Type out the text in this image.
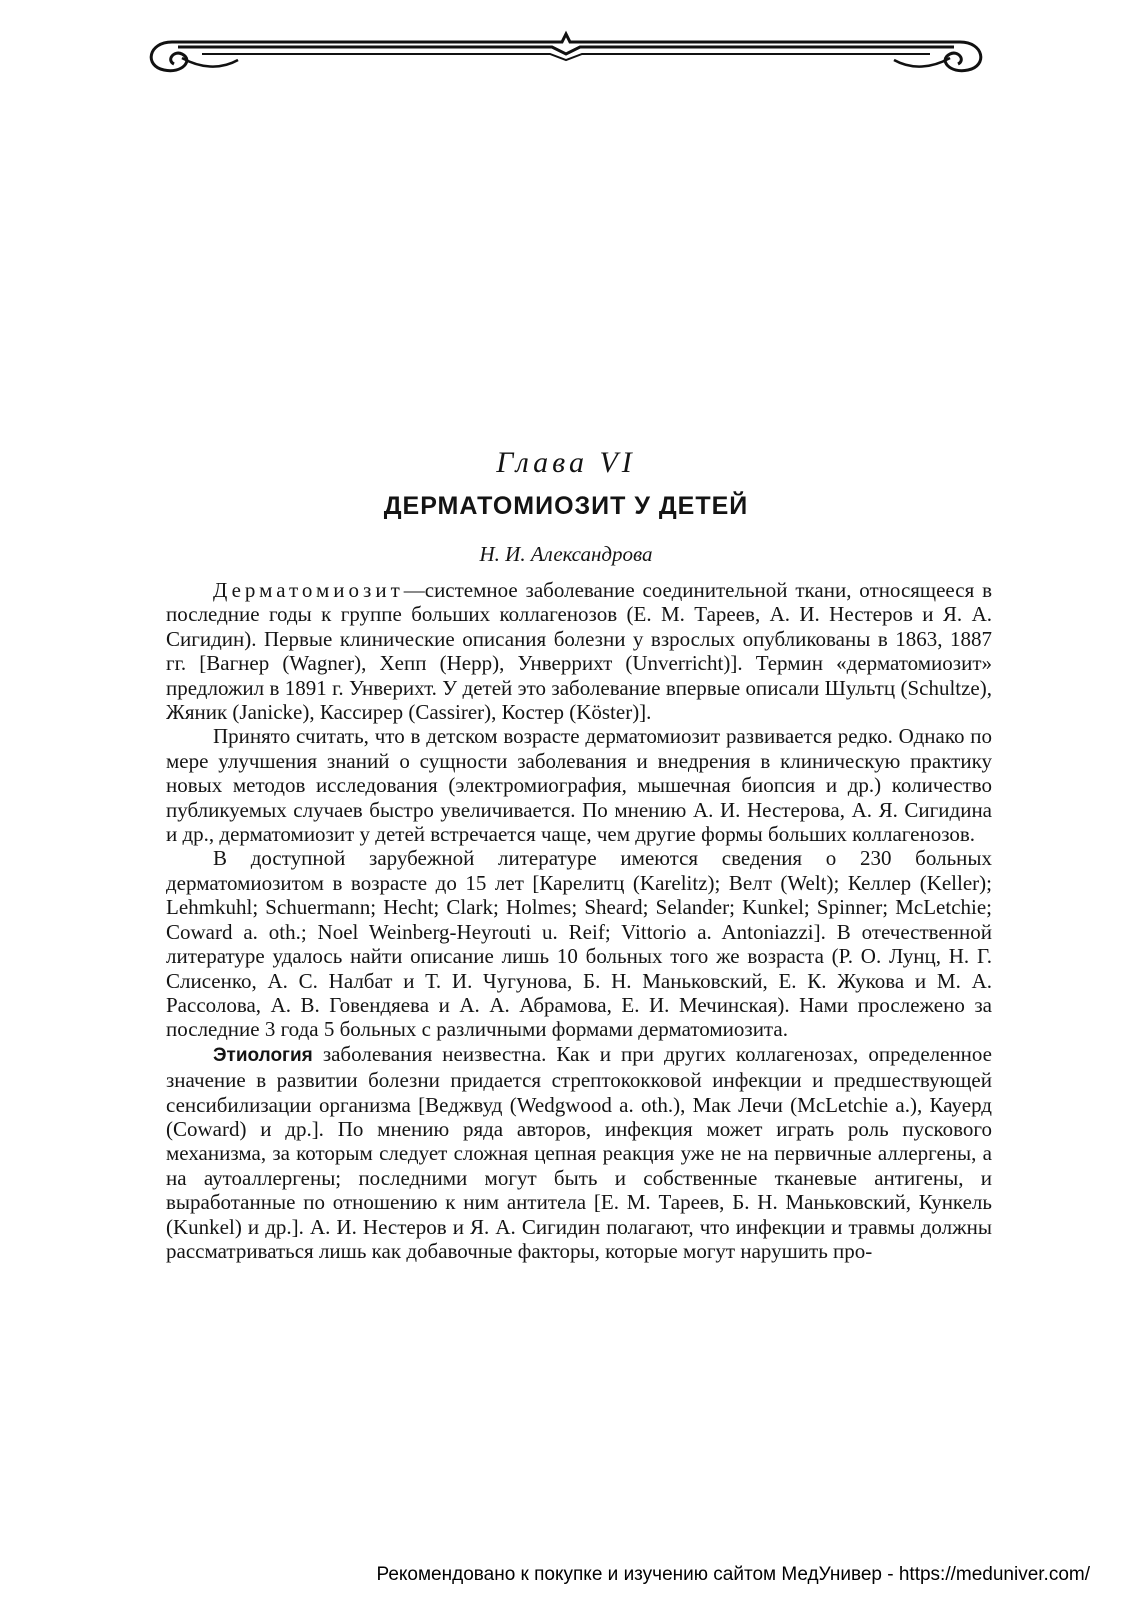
Глава VI
ДЕРМАТОМИОЗИТ У ДЕТЕЙ
Н. И. Александрова

Дерматомиозит—системное заболевание соединительной ткани, относящееся в последние годы к группе больших коллагенозов (Е. М. Тареев, А. И. Нестеров и Я. А. Сигидин). Первые клинические описания болезни у взрослых опубликованы в 1863, 1887 гг. [Вагнер (Wagner), Хепп (Hepp), Унверрихт (Unverricht)]. Термин «дерматомиозит» предложил в 1891 г. Унверихт. У детей это заболевание впервые описали Шультц (Schultze), Жяник (Janicke), Кассирер (Cassirer), Костер (Köster)].

Принято считать, что в детском возрасте дерматомиозит развивается редко. Однако по мере улучшения знаний о сущности заболевания и внедрения в клиническую практику новых методов исследования (электромиография, мышечная биопсия и др.) количество публикуемых случаев быстро увеличивается. По мнению А. И. Нестерова, А. Я. Сигидина и др., дерматомиозит у детей встречается чаще, чем другие формы больших коллагенозов.

В доступной зарубежной литературе имеются сведения о 230 больных дерматомиозитом в возрасте до 15 лет [Карелитц (Karelitz); Велт (Welt); Келлер (Keller); Lehmkuhl; Schuermann; Hecht; Clark; Holmes; Sheard; Selander; Kunkel; Spinner; McLetchie; Coward a. oth.; Noel Weinberg-Heyrouti u. Reif; Vittorio a. Antoniazzi]. В отечественной литературе удалось найти описание лишь 10 больных того же возраста (Р. О. Лунц, Н. Г. Слисенко, А. С. Налбат и Т. И. Чугунова, Б. Н. Маньковский, Е. К. Жукова и М. А. Рассолова, А. В. Говендяева и А. А. Абрамова, Е. И. Мечинская). Нами прослежено за последние 3 года 5 больных с различными формами дерматомиозита.

Этиология заболевания неизвестна. Как и при других коллагенозах, определенное значение в развитии болезни придается стрептококковой инфекции и предшествующей сенсибилизации организма [Веджвуд (Wedgwood a. oth.), Мак Лечи (McLetchie a.), Кауерд (Coward) и др.]. По мнению ряда авторов, инфекция может играть роль пускового механизма, за которым следует сложная цепная реакция уже не на первичные аллергены, а на аутоаллергены; последними могут быть и собственные тканевые антигены, и выработанные по отношению к ним антитела [Е. М. Тареев, Б. Н. Маньковский, Кункель (Kunkel) и др.]. А. И. Нестеров и Я. А. Сигидин полагают, что инфекции и травмы должны рассматриваться лишь как добавочные факторы, которые могут нарушить про-

Рекомендовано к покупке и изучению сайтом МедУнивер - https://meduniver.com/
